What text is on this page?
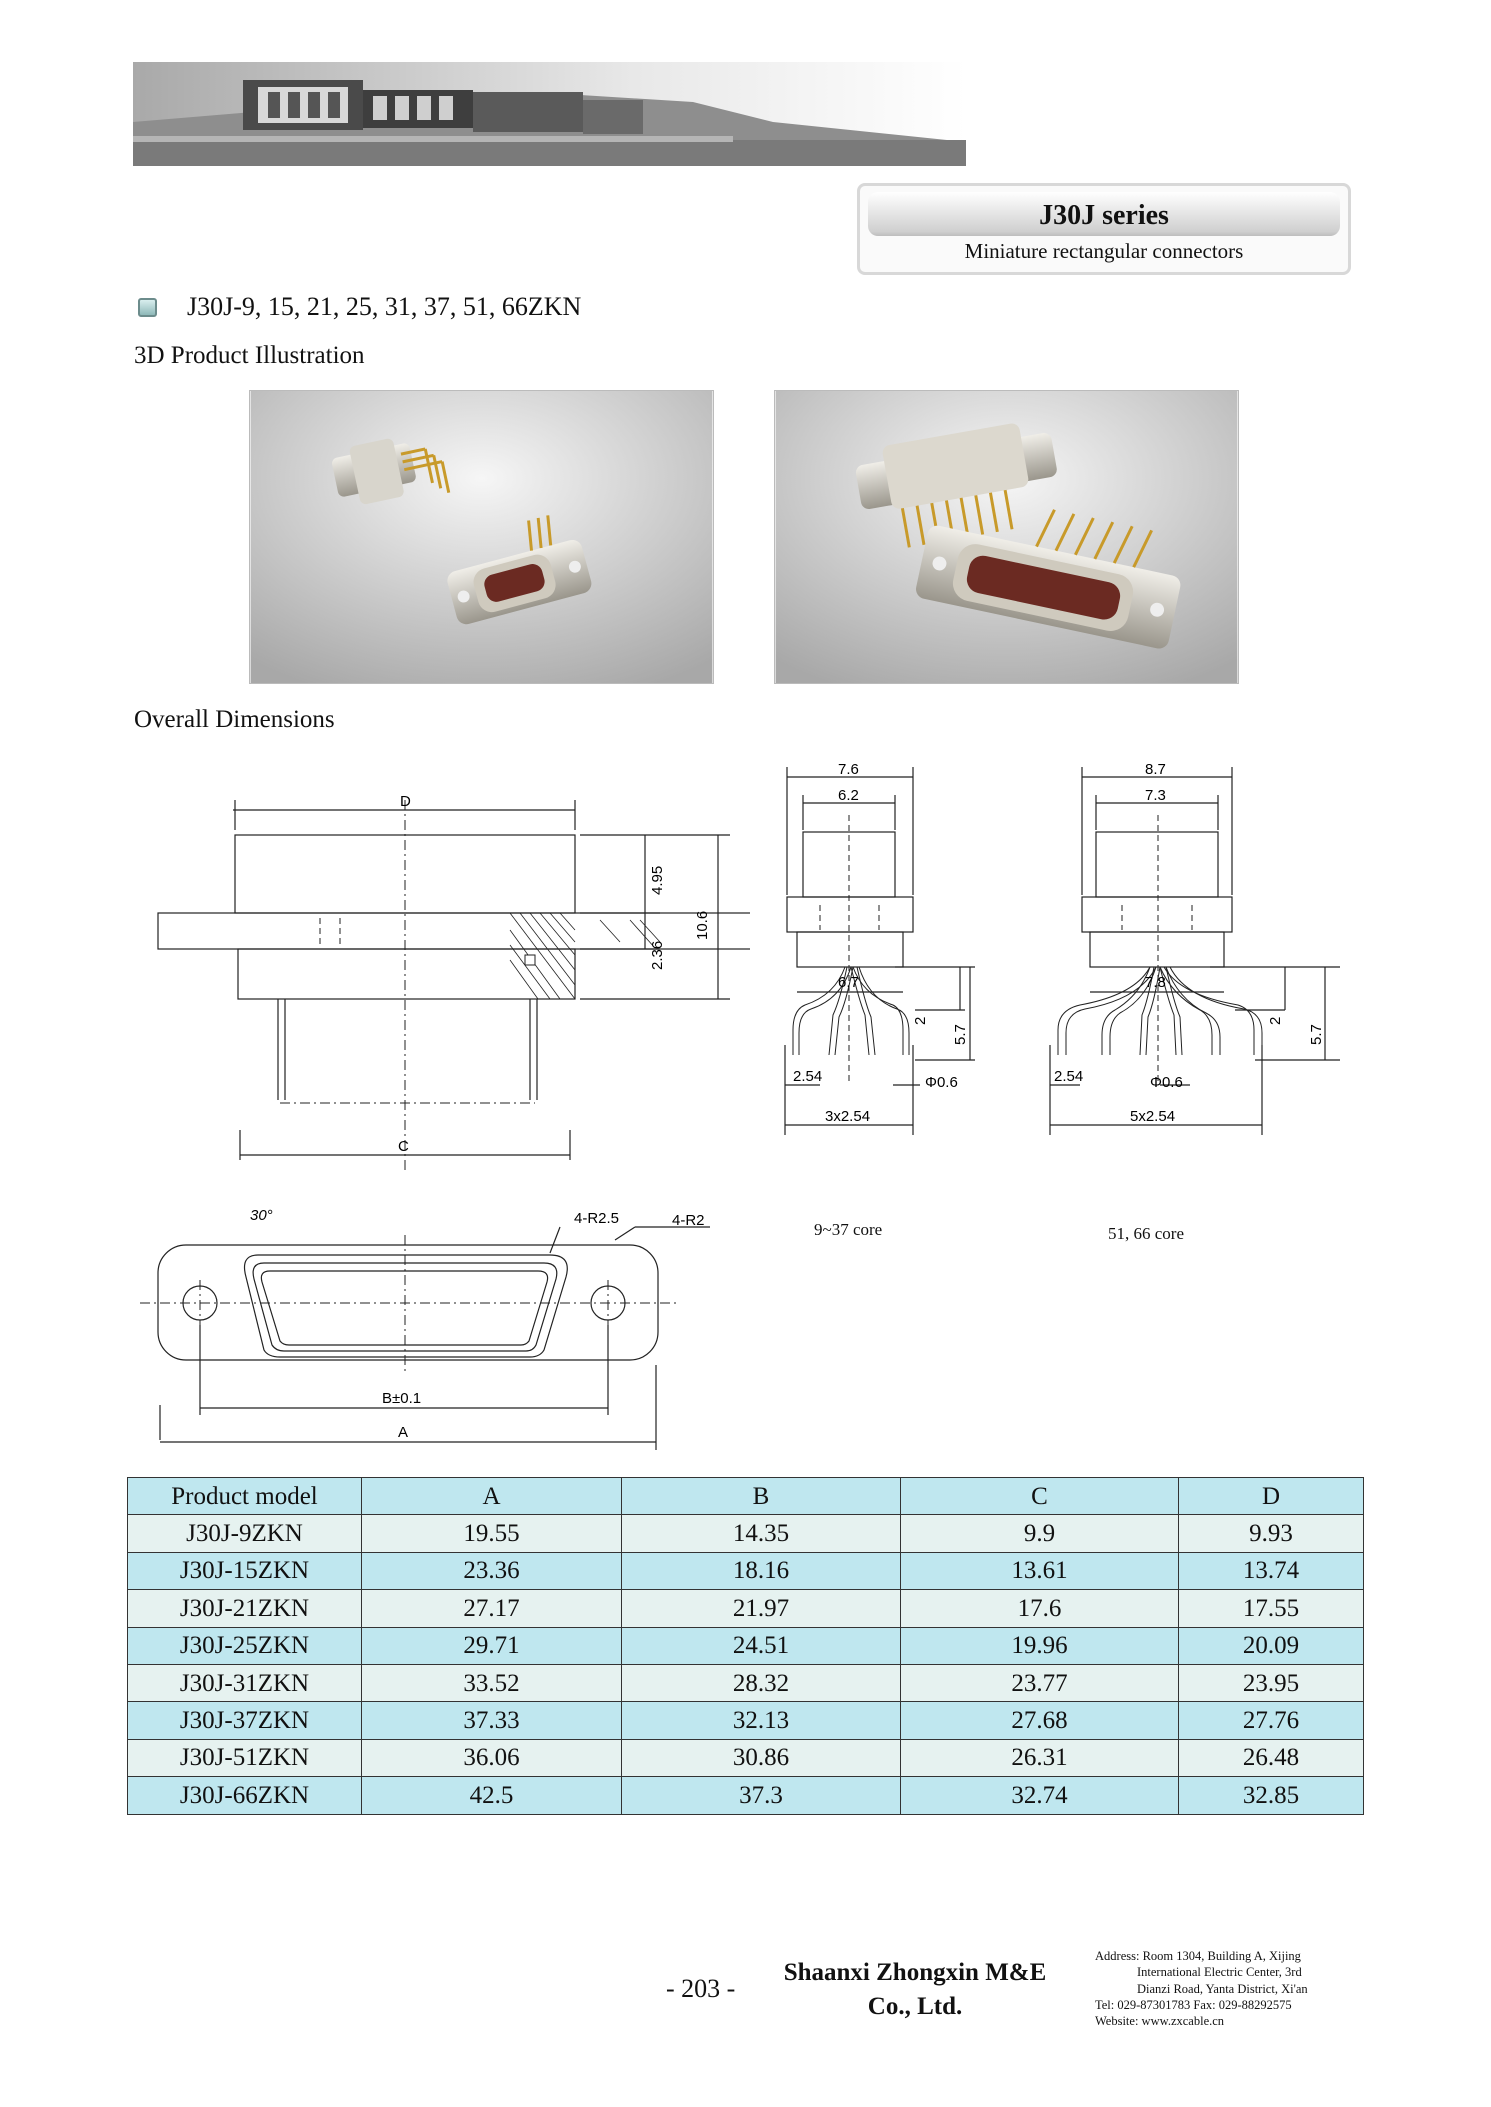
J30J series
Miniature rectangular connectors
J30J-9, 15, 21, 25, 31, 37, 51, 66ZKN
3D Product Illustration
Overall Dimensions
D
C
4.95
2.36
10.6
30°	4-R2.5	4-R2
B±0.1
A
7.6
6.2
6.7
2
5.7
2.54	Φ0.6
3x2.54
9~37 core
8.7
7.3
7.8
2
5.7
2.54	Φ0.6
5x2.54
51, 66 core
Product model	A	B	C	D
J30J-9ZKN	19.55	14.35	9.9	9.93
J30J-15ZKN	23.36	18.16	13.61	13.74
J30J-21ZKN	27.17	21.97	17.6	17.55
J30J-25ZKN	29.71	24.51	19.96	20.09
J30J-31ZKN	33.52	28.32	23.77	23.95
J30J-37ZKN	37.33	32.13	27.68	27.76
J30J-51ZKN	36.06	30.86	26.31	26.48
J30J-66ZKN	42.5	37.3	32.74	32.85
- 203 -
Shaanxi Zhongxin M&E
Co., Ltd.
Address: Room 1304, Building A, Xijing
International Electric Center, 3rd
Dianzi Road, Yanta District, Xi'an
Tel: 029-87301783 Fax: 029-88292575
Website: www.zxcable.cn
